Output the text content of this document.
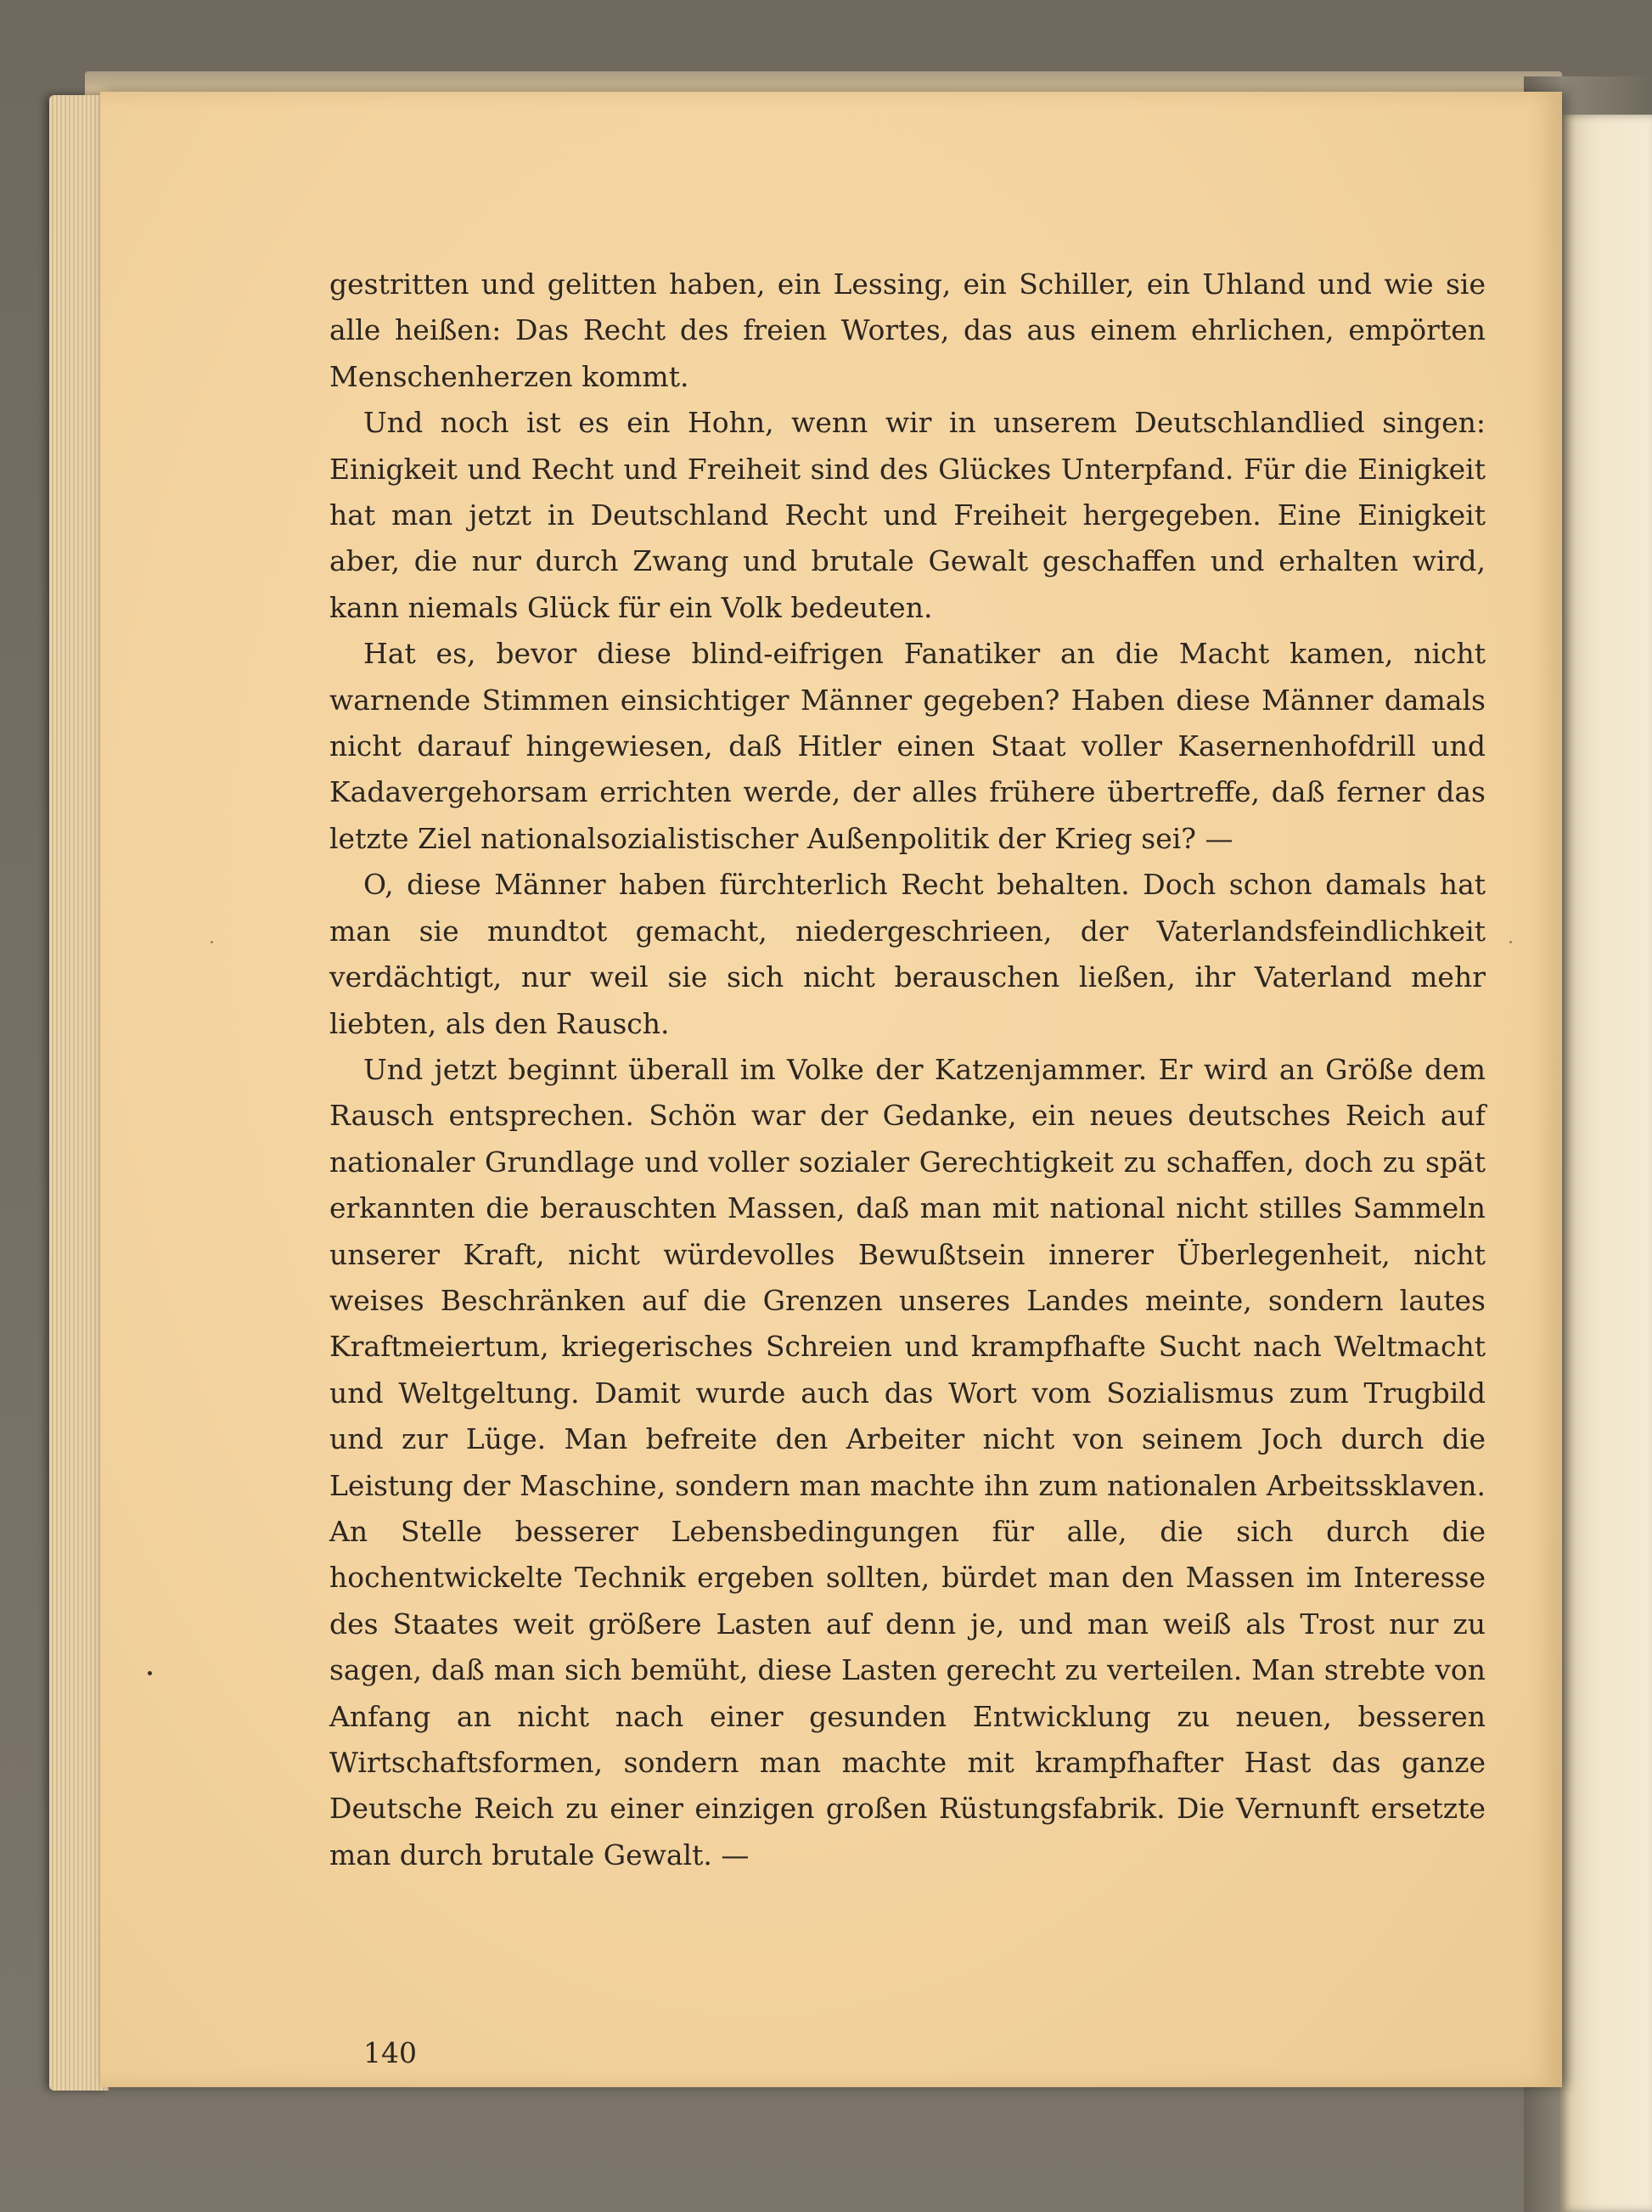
gestritten und gelitten haben, ein Lessing, ein Schiller, ein Uhland und wie sie alle heißen: Das Recht des freien Wortes, das aus einem ehrlichen, empörten Menschenherzen kommt.

Und noch ist es ein Hohn, wenn wir in unserem Deutschlandlied singen: Einigkeit und Recht und Freiheit sind des Glückes Unterpfand. Für die Einigkeit hat man jetzt in Deutschland Recht und Freiheit hergegeben. Eine Einigkeit aber, die nur durch Zwang und brutale Gewalt geschaffen und erhalten wird, kann niemals Glück für ein Volk bedeuten.

Hat es, bevor diese blind-eifrigen Fanatiker an die Macht kamen, nicht warnende Stimmen einsichtiger Männer gegeben? Haben diese Männer damals nicht darauf hingewiesen, daß Hitler einen Staat voller Kasernenhofdrill und Kadavergehorsam errichten werde, der alles frühere übertreffe, daß ferner das letzte Ziel nationalsozialistischer Außenpolitik der Krieg sei? —

O, diese Männer haben fürchterlich Recht behalten. Doch schon damals hat man sie mundtot gemacht, niedergeschrieen, der Vaterlandsfeindlichkeit verdächtigt, nur weil sie sich nicht berauschen ließen, ihr Vaterland mehr liebten, als den Rausch.

Und jetzt beginnt überall im Volke der Katzenjammer. Er wird an Größe dem Rausch entsprechen. Schön war der Gedanke, ein neues deutsches Reich auf nationaler Grundlage und voller sozialer Gerechtigkeit zu schaffen, doch zu spät erkannten die berauschten Massen, daß man mit national nicht stilles Sammeln unserer Kraft, nicht würdevolles Bewußtsein innerer Überlegenheit, nicht weises Beschränken auf die Grenzen unseres Landes meinte, sondern lautes Kraftmeiertum, kriegerisches Schreien und krampfhafte Sucht nach Weltmacht und Weltgeltung. Damit wurde auch das Wort vom Sozialismus zum Trugbild und zur Lüge. Man befreite den Arbeiter nicht von seinem Joch durch die Leistung der Maschine, sondern man machte ihn zum nationalen Arbeitssklaven. An Stelle besserer Lebensbedingungen für alle, die sich durch die hochentwickelte Technik ergeben sollten, bürdet man den Massen im Interesse des Staates weit größere Lasten auf denn je, und man weiß als Trost nur zu sagen, daß man sich bemüht, diese Lasten gerecht zu verteilen. Man strebte von Anfang an nicht nach einer gesunden Entwicklung zu neuen, besseren Wirtschaftsformen, sondern man machte mit krampfhafter Hast das ganze Deutsche Reich zu einer einzigen großen Rüstungsfabrik. Die Vernunft ersetzte man durch brutale Gewalt. —

140
